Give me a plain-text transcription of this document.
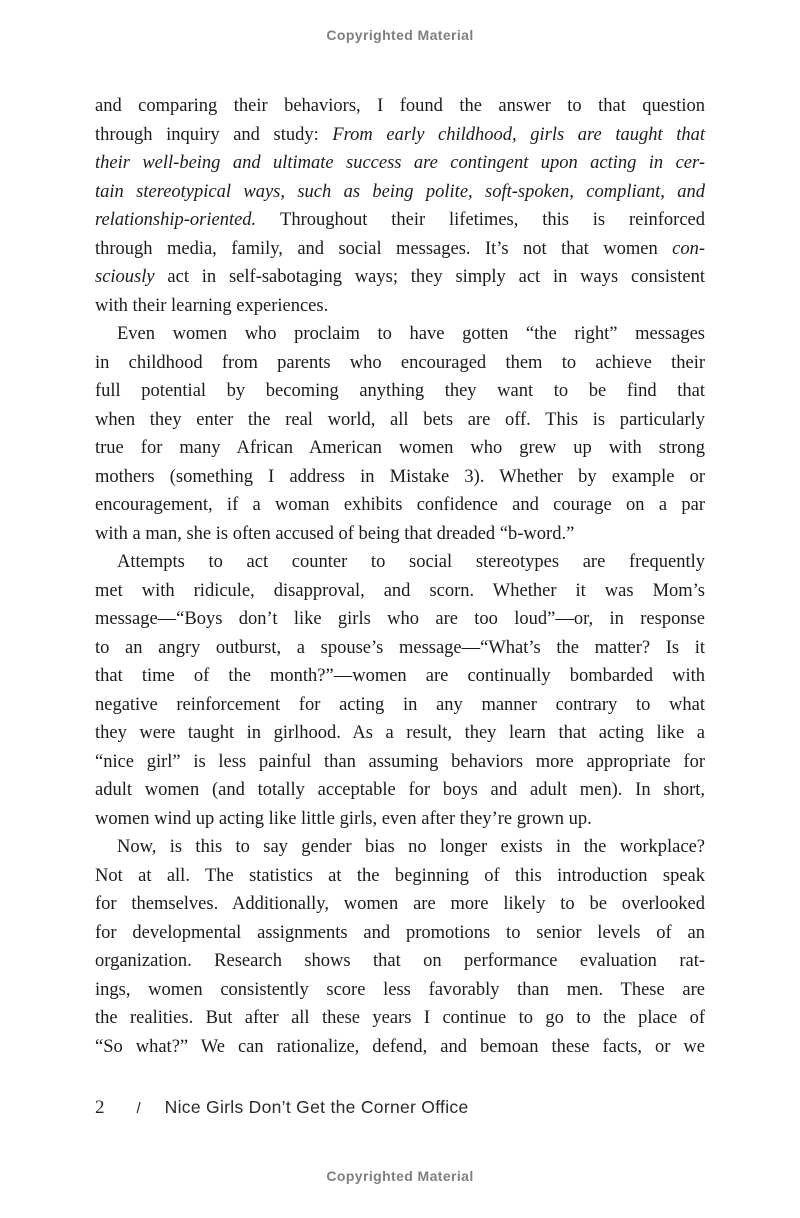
Copyrighted Material
and comparing their behaviors, I found the answer to that question
through inquiry and study: From early childhood, girls are taught that
their well-being and ultimate success are contingent upon acting in cer-
tain stereotypical ways, such as being polite, soft-spoken, compliant, and
relationship-oriented. Throughout their lifetimes, this is reinforced
through media, family, and social messages. It’s not that women con-
sciously act in self-sabotaging ways; they simply act in ways consistent
with their learning experiences.
Even women who proclaim to have gotten “the right” messages
in childhood from parents who encouraged them to achieve their
full potential by becoming anything they want to be find that
when they enter the real world, all bets are off. This is particularly
true for many African American women who grew up with strong
mothers (something I address in Mistake 3). Whether by example or
encouragement, if a woman exhibits confidence and courage on a par
with a man, she is often accused of being that dreaded “b-word.”
Attempts to act counter to social stereotypes are frequently
met with ridicule, disapproval, and scorn. Whether it was Mom’s
message—“Boys don’t like girls who are too loud”—or, in response
to an angry outburst, a spouse’s message—“What’s the matter? Is it
that time of the month?”—women are continually bombarded with
negative reinforcement for acting in any manner contrary to what
they were taught in girlhood. As a result, they learn that acting like a
“nice girl” is less painful than assuming behaviors more appropriate for
adult women (and totally acceptable for boys and adult men). In short,
women wind up acting like little girls, even after they’re grown up.
Now, is this to say gender bias no longer exists in the workplace?
Not at all. The statistics at the beginning of this introduction speak
for themselves. Additionally, women are more likely to be overlooked
for developmental assignments and promotions to senior levels of an
organization. Research shows that on performance evaluation rat-
ings, women consistently score less favorably than men. These are
the realities. But after all these years I continue to go to the place of
“So what?” We can rationalize, defend, and bemoan these facts, or we
2 / Nice Girls Don’t Get the Corner Office
Copyrighted Material
